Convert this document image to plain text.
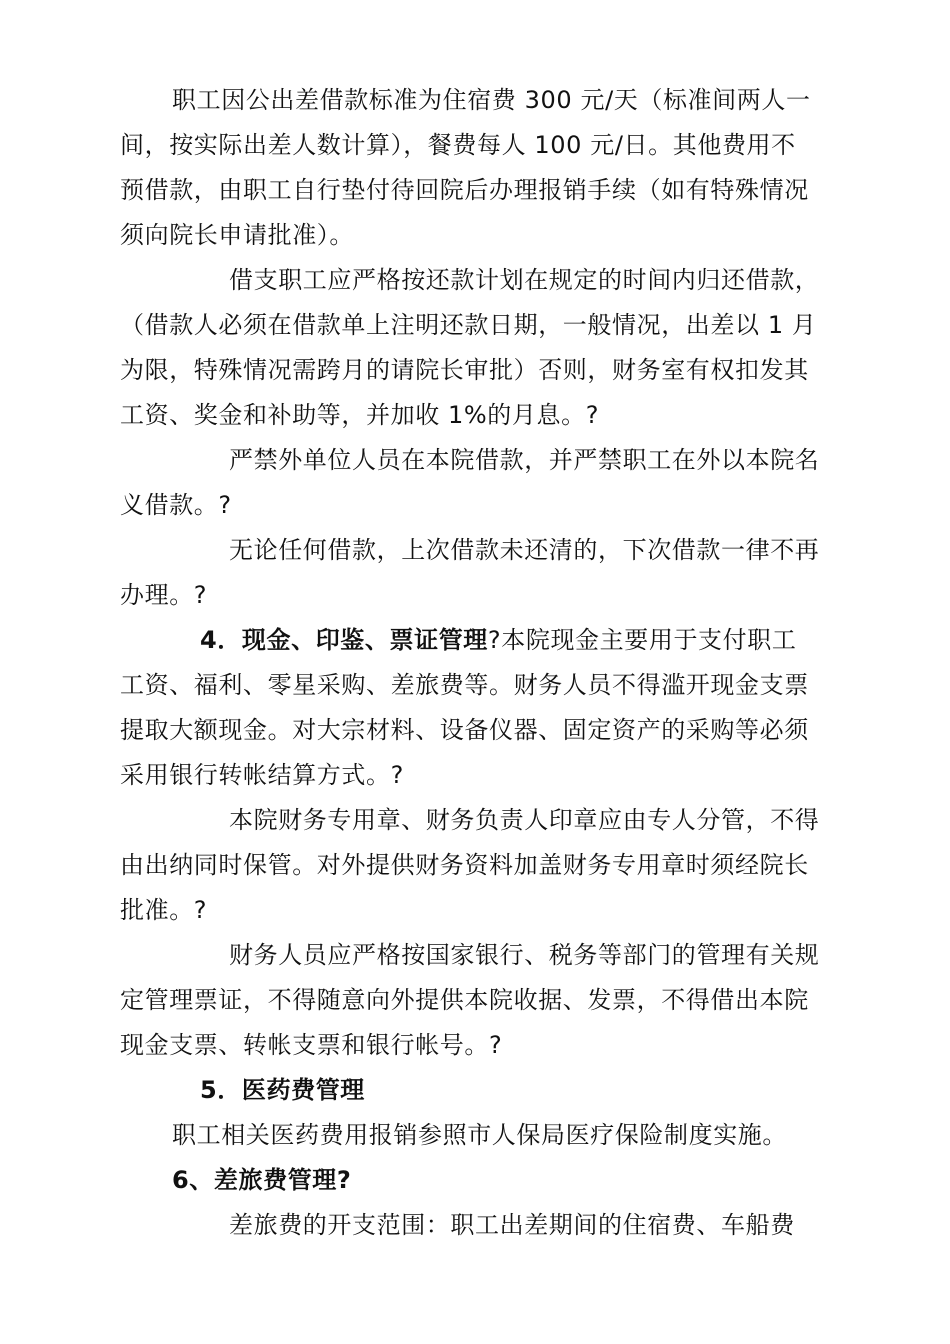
职工因公出差借款标准为住宿费 300 元/天（标准间两人一
间，按实际出差人数计算），餐费每人 100 元/日。其他费用不
预借款，由职工自行垫付待回院后办理报销手续（如有特殊情况
须向院长申请批准）。
借支职工应严格按还款计划在规定的时间内归还借款，
（借款人必须在借款单上注明还款日期，一般情况，出差以 1 月
为限，特殊情况需跨月的请院长审批）否则，财务室有权扣发其
工资、奖金和补助等，并加收 1%的月息。?
严禁外单位人员在本院借款，并严禁职工在外以本院名
义借款。?
无论任何借款，上次借款未还清的，下次借款一律不再
办理。?
4．现金、印鉴、票证管理?本院现金主要用于支付职工
工资、福利、零星采购、差旅费等。财务人员不得滥开现金支票
提取大额现金。对大宗材料、设备仪器、固定资产的采购等必须
采用银行转帐结算方式。?
本院财务专用章、财务负责人印章应由专人分管，不得
由出纳同时保管。对外提供财务资料加盖财务专用章时须经院长
批准。?
财务人员应严格按国家银行、税务等部门的管理有关规
定管理票证，不得随意向外提供本院收据、发票，不得借出本院
现金支票、转帐支票和银行帐号。?
5．医药费管理
职工相关医药费用报销参照市人保局医疗保险制度实施。
6、差旅费管理?
差旅费的开支范围：职工出差期间的住宿费、车船费
